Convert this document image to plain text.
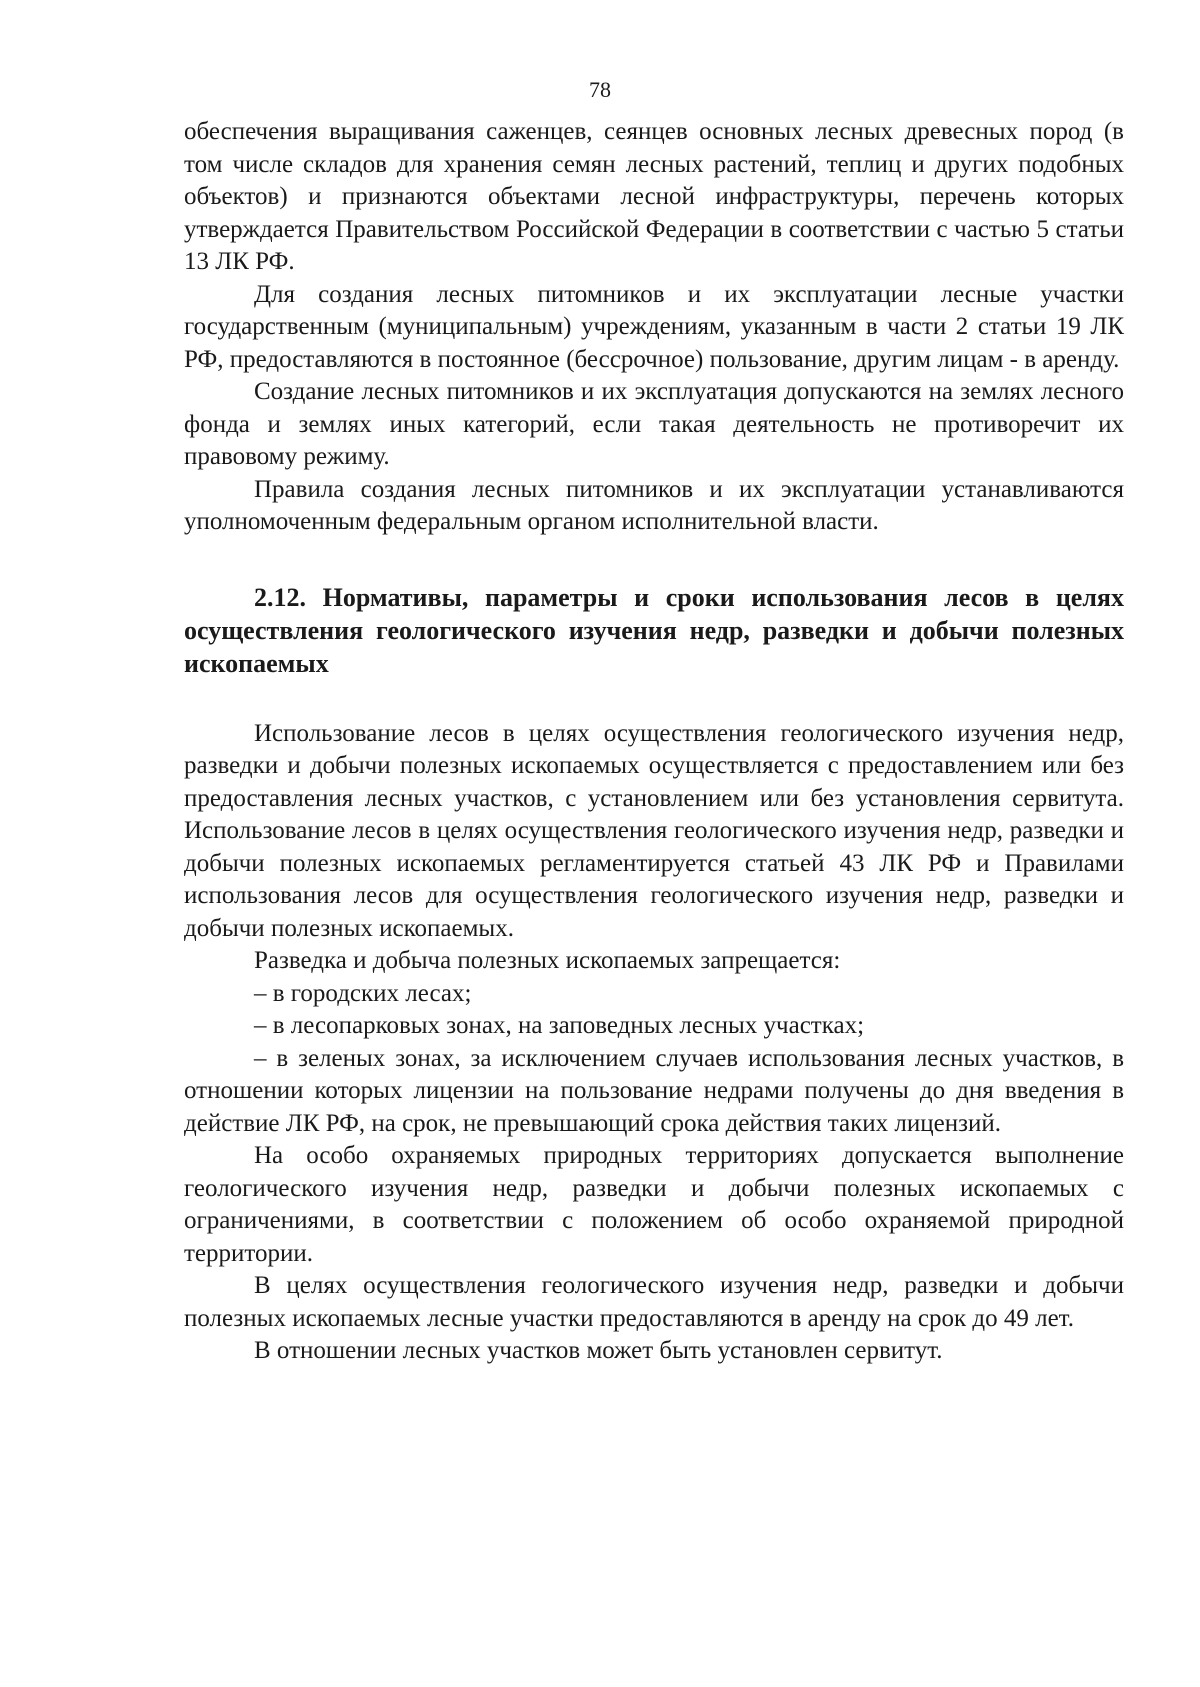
78

обеспечения выращивания саженцев, сеянцев основных лесных древесных пород (в том числе складов для хранения семян лесных растений, теплиц и других подобных объектов) и признаются объектами лесной инфраструктуры, перечень которых утверждается Правительством Российской Федерации в соответствии с частью 5 статьи 13 ЛК РФ.

Для создания лесных питомников и их эксплуатации лесные участки государственным (муниципальным) учреждениям, указанным в части 2 статьи 19 ЛК РФ, предоставляются в постоянное (бессрочное) пользование, другим лицам - в аренду.

Создание лесных питомников и их эксплуатация допускаются на землях лесного фонда и землях иных категорий, если такая деятельность не противоречит их правовому режиму.

Правила создания лесных питомников и их эксплуатации устанавливаются уполномоченным федеральным органом исполнительной власти.

2.12. Нормативы, параметры и сроки использования лесов в целях осуществления геологического изучения недр, разведки и добычи полезных ископаемых

Использование лесов в целях осуществления геологического изучения недр, разведки и добычи полезных ископаемых осуществляется с предоставлением или без предоставления лесных участков, с установлением или без установления сервитута. Использование лесов в целях осуществления геологического изучения недр, разведки и добычи полезных ископаемых регламентируется статьей 43 ЛК РФ и Правилами использования лесов для осуществления геологического изучения недр, разведки и добычи полезных ископаемых.

Разведка и добыча полезных ископаемых запрещается:

– в городских лесах;

– в лесопарковых зонах, на заповедных лесных участках;

– в зеленых зонах, за исключением случаев использования лесных участков, в отношении которых лицензии на пользование недрами получены до дня введения в действие ЛК РФ, на срок, не превышающий срока действия таких лицензий.

На особо охраняемых природных территориях допускается выполнение геологического изучения недр, разведки и добычи полезных ископаемых с ограничениями, в соответствии с положением об особо охраняемой природной территории.

В целях осуществления геологического изучения недр, разведки и добычи полезных ископаемых лесные участки предоставляются в аренду на срок до 49 лет.

В отношении лесных участков может быть установлен сервитут.
